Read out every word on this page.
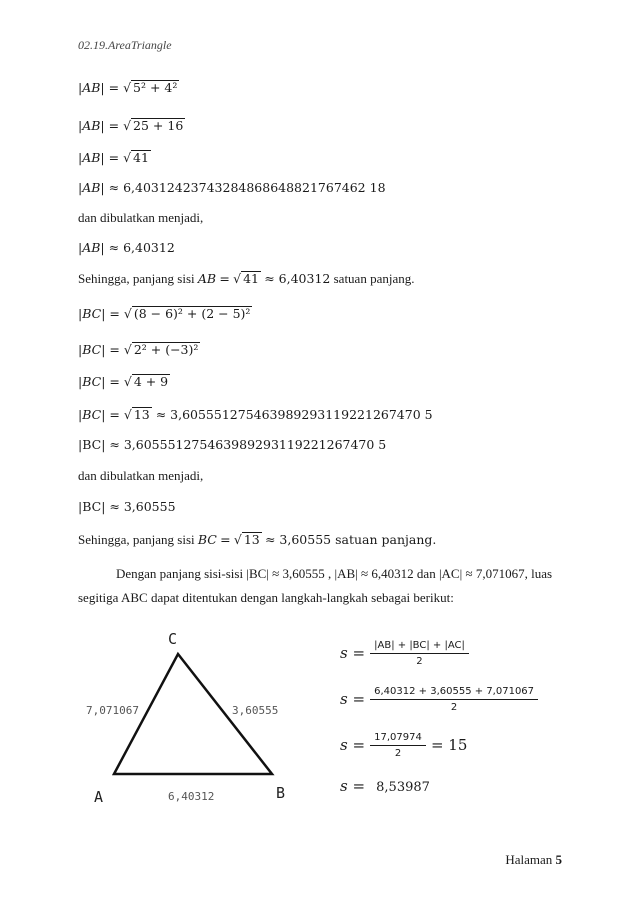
02.19.AreaTriangle
|AB| = √ 5² + 4²
|AB| = √ 25 + 16
|AB| = √ 41
|AB| ≈ 6,40312423743284868648821767462 18
dan dibulatkan menjadi,
|AB| ≈ 6,40312
Sehingga, panjang sisi AB = √ 41 ≈ 6,40312 satuan panjang.
|BC| = √ (8 − 6)² + (2 − 5)²
|BC| = √ 2² + (−3)²
|BC| = √ 4 + 9
|BC| = √ 13 ≈ 3,605551275463989293119221267470 5
|BC| ≈ 3,605551275463989293119221267470 5
dan dibulatkan menjadi,
|BC| ≈ 3,60555
Sehingga, panjang sisi BC = √ 13 ≈ 3,60555 satuan panjang.
Dengan panjang sisi-sisi |BC| ≈ 3,60555 , |AB| ≈ 6,40312 dan |AC| ≈ 7,071067, luas segitiga ABC dapat ditentukan dengan langkah-langkah sebagai berikut:
C
A	B
7,071067	3,60555
6,40312
$s = \frac{|AB| + |BC| + |AC|}{2}$
$s = \frac{6,40312 + 3,60555 + 7,071067}{2}$
$s = \frac{17,07974}{2} = 15$
s = 8,53987
Halaman 5
